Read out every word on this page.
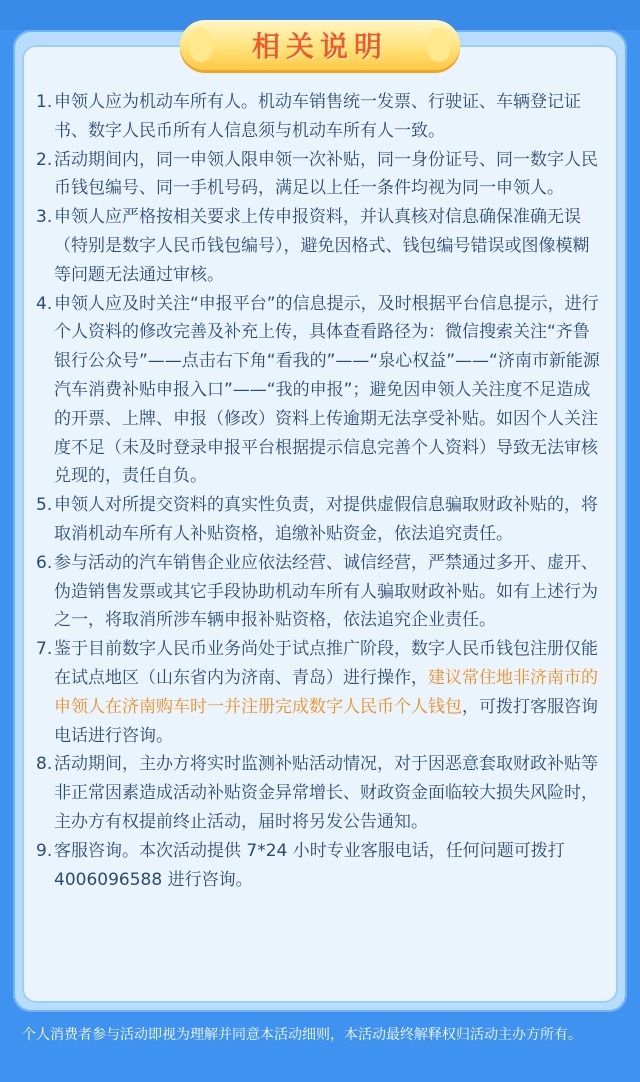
相关说明
1. 申领人应为机动车所有人。机动车销售统一发票、行驶证、车辆登记证书、数字人民币所有人信息须与机动车所有人一致。
2. 活动期间内，同一申领人限申领一次补贴，同一身份证号、同一数字人民币钱包编号、同一手机号码，满足以上任一条件均视为同一申领人。
3. 申领人应严格按相关要求上传申报资料，并认真核对信息确保准确无误（特别是数字人民币钱包编号），避免因格式、钱包编号错误或图像模糊等问题无法通过审核。
4. 申领人应及时关注“申报平台”的信息提示，及时根据平台信息提示，进行个人资料的修改完善及补充上传，具体查看路径为：微信搜索关注“齐鲁银行公众号”——点击右下角“看我的”——“泉心权益”——“济南市新能源汽车消费补贴申报入口”——“我的申报”；避免因申领人关注度不足造成的开票、上牌、申报（修改）资料上传逾期无法享受补贴。如因个人关注度不足（未及时登录申报平台根据提示信息完善个人资料）导致无法审核兑现的，责任自负。
5. 申领人对所提交资料的真实性负责，对提供虚假信息骗取财政补贴的，将取消机动车所有人补贴资格，追缴补贴资金，依法追究责任。
6. 参与活动的汽车销售企业应依法经营、诚信经营，严禁通过多开、虚开、伪造销售发票或其它手段协助机动车所有人骗取财政补贴。如有上述行为之一，将取消所涉车辆申报补贴资格，依法追究企业责任。
7. 鉴于目前数字人民币业务尚处于试点推广阶段，数字人民币钱包注册仅能在试点地区（山东省内为济南、青岛）进行操作，建议常住地非济南市的申领人在济南购车时一并注册完成数字人民币个人钱包，可拨打客服咨询电话进行咨询。
8. 活动期间，主办方将实时监测补贴活动情况，对于因恶意套取财政补贴等非正常因素造成活动补贴资金异常增长、财政资金面临较大损失风险时，主办方有权提前终止活动，届时将另发公告通知。
9. 客服咨询。本次活动提供 7*24 小时专业客服电话，任何问题可拨打 4006096588 进行咨询。
个人消费者参与活动即视为理解并同意本活动细则，本活动最终解释权归活动主办方所有。
